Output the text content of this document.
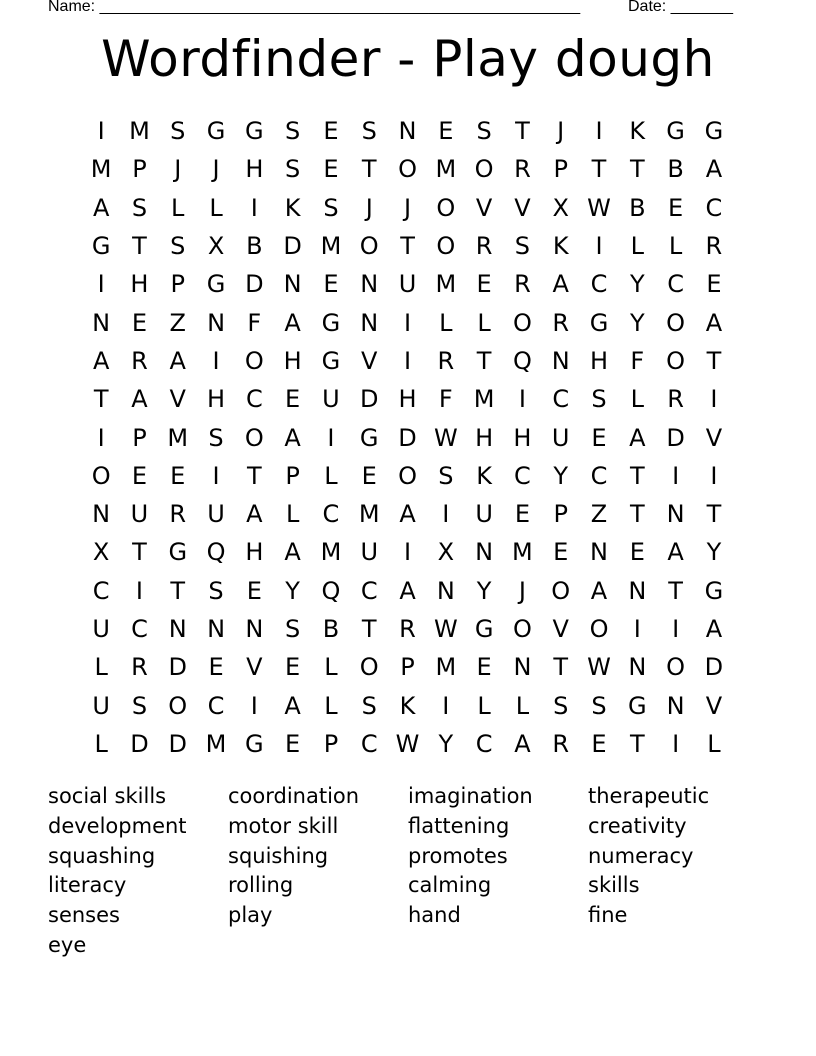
Name: ______________________________________________________	Date: _______
Wordfinder - Play dough
I	M S G G S E S N E S T	J	I	K G G
M P	J	J	H S E T O M O R P T T B A
A S L	L	I	K S	J	J	O V V X W B E C
G T S X B D M O T O R S K	I	L	L R
I	H P G D N E N U M E R A C Y C E
N E Z N F A G N	I	L	L O R G Y O A
A R A	I	O H G V	I	R T Q N H F O T
T A V H C E U D H F M	I	C S L R	I
I	P M S O A	I	G D W H H U E A D V
O E E	I	T P	L	E O S K C Y C T	I	I
N U R U A L C M A	I	U E P Z T N T
X T G Q H A M U	I	X N M E N E A Y
C	I	T S E Y Q C A N Y	J	O A N T G
U C N N N S B T R W G O V O	I	I	A
L R D E V E	L O P M E N T W N O D
U S O C	I	A L	S K	I	L	L	S S G N V
L D D M G E P C W Y C A R E T	I	L
social skills	coordination	imagination	therapeutic
development	motor skill	flattening	creativity
squashing	squishing	promotes	numeracy
literacy	rolling	calming	skills
senses	play	hand	fine
eye
